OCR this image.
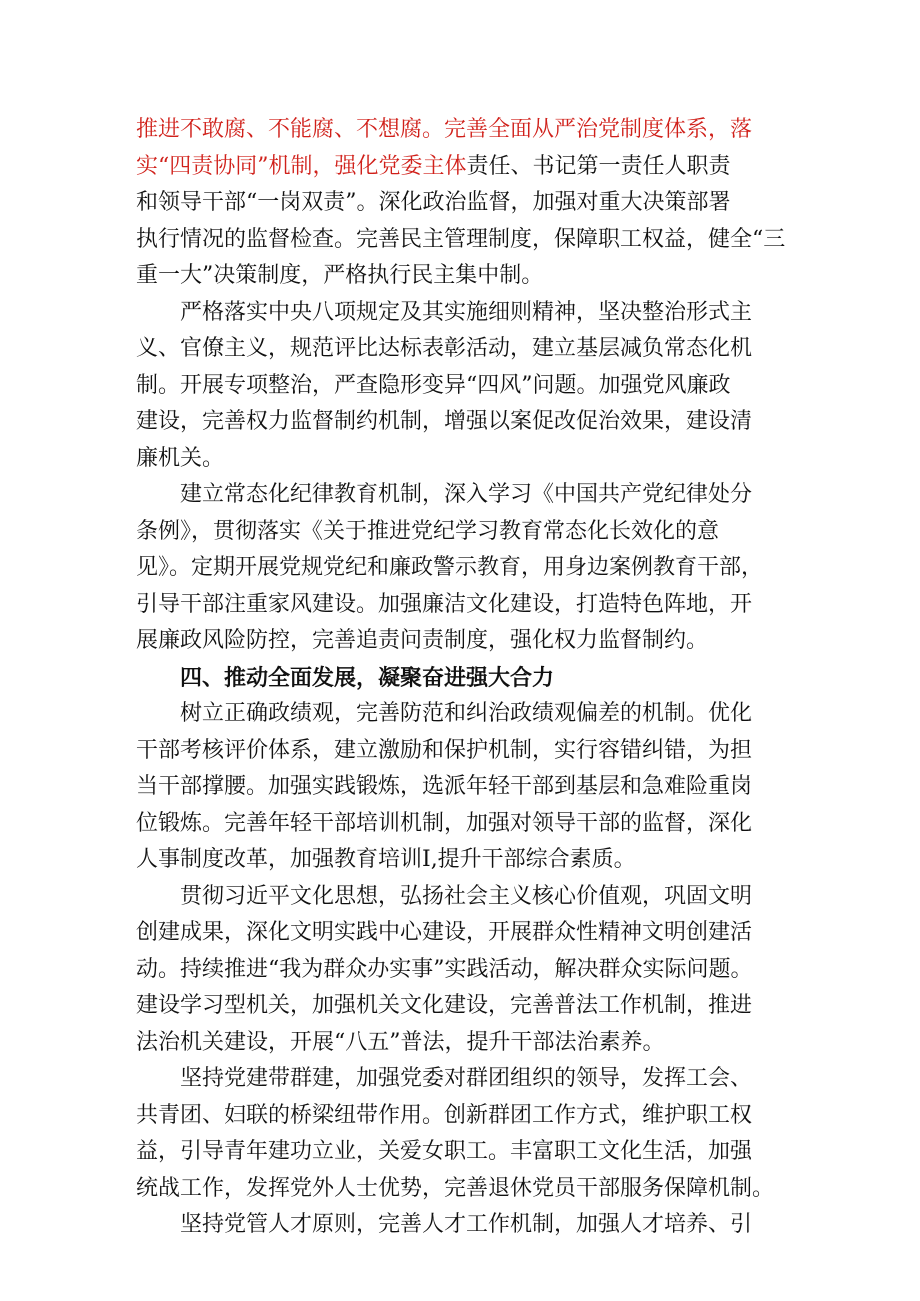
推进不敢腐、不能腐、不想腐。完善全面从严治党制度体系，落
实“四责协同”机制，强化党委主体责任、书记第一责任人职责
和领导干部“一岗双责”。深化政治监督，加强对重大决策部署
执行情况的监督检查。完善民主管理制度，保障职工权益，健全“三
重一大”决策制度，严格执行民主集中制。
严格落实中央八项规定及其实施细则精神，坚决整治形式主
义、官僚主义，规范评比达标表彰活动，建立基层减负常态化机
制。开展专项整治，严查隐形变异“四风”问题。加强党风廉政
建设，完善权力监督制约机制，增强以案促改促治效果，建设清
廉机关。
建立常态化纪律教育机制，深入学习《中国共产党纪律处分
条例》，贯彻落实《关于推进党纪学习教育常态化长效化的意
见》。定期开展党规党纪和廉政警示教育，用身边案例教育干部，
引导干部注重家风建设。加强廉洁文化建设，打造特色阵地，开
展廉政风险防控，完善追责问责制度，强化权力监督制约。
四、推动全面发展，凝聚奋进强大合力
树立正确政绩观，完善防范和纠治政绩观偏差的机制。优化
干部考核评价体系，建立激励和保护机制，实行容错纠错，为担
当干部撑腰。加强实践锻炼，选派年轻干部到基层和急难险重岗
位锻炼。完善年轻干部培训机制，加强对领导干部的监督，深化
人事制度改革，加强教育培训I,提升干部综合素质。
贯彻习近平文化思想，弘扬社会主义核心价值观，巩固文明
创建成果，深化文明实践中心建设，开展群众性精神文明创建活
动。持续推进“我为群众办实事”实践活动，解决群众实际问题。
建设学习型机关，加强机关文化建设，完善普法工作机制，推进
法治机关建设，开展“八五”普法，提升干部法治素养。
坚持党建带群建，加强党委对群团组织的领导，发挥工会、
共青团、妇联的桥梁纽带作用。创新群团工作方式，维护职工权
益，引导青年建功立业，关爱女职工。丰富职工文化生活，加强
统战工作，发挥党外人士优势，完善退休党员干部服务保障机制。
坚持党管人才原则，完善人才工作机制，加强人才培养、引
